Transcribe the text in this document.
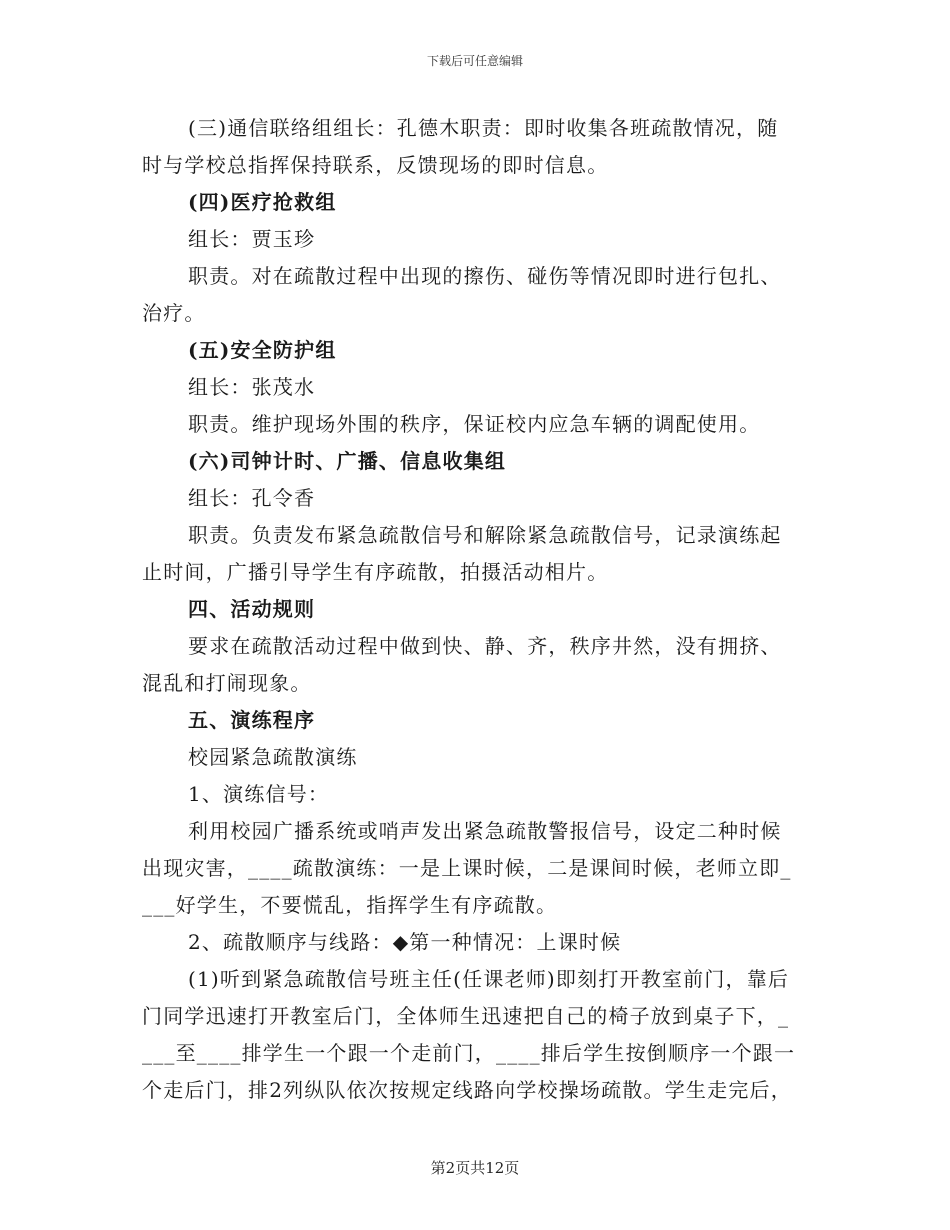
下载后可任意编辑
(三)通信联络组组长：孔德木职责：即时收集各班疏散情况，随
时与学校总指挥保持联系，反馈现场的即时信息。
(四)医疗抢救组
组长：贾玉珍
职责。对在疏散过程中出现的擦伤、碰伤等情况即时进行包扎、
治疗。
(五)安全防护组
组长：张茂水
职责。维护现场外围的秩序，保证校内应急车辆的调配使用。
(六)司钟计时、广播、信息收集组
组长：孔令香
职责。负责发布紧急疏散信号和解除紧急疏散信号，记录演练起
止时间，广播引导学生有序疏散，拍摄活动相片。
四、活动规则
要求在疏散活动过程中做到快、静、齐，秩序井然，没有拥挤、
混乱和打闹现象。
五、演练程序
校园紧急疏散演练
1、演练信号：
利用校园广播系统或哨声发出紧急疏散警报信号，设定二种时候
出现灾害，____疏散演练：一是上课时候，二是课间时候，老师立即_
___好学生，不要慌乱，指挥学生有序疏散。
2、疏散顺序与线路：◆第一种情况：上课时候
(1)听到紧急疏散信号班主任(任课老师)即刻打开教室前门，靠后
门同学迅速打开教室后门，全体师生迅速把自己的椅子放到桌子下，_
___至____排学生一个跟一个走前门，____排后学生按倒顺序一个跟一
个走后门，排2列纵队依次按规定线路向学校操场疏散。学生走完后，
第2页共12页
